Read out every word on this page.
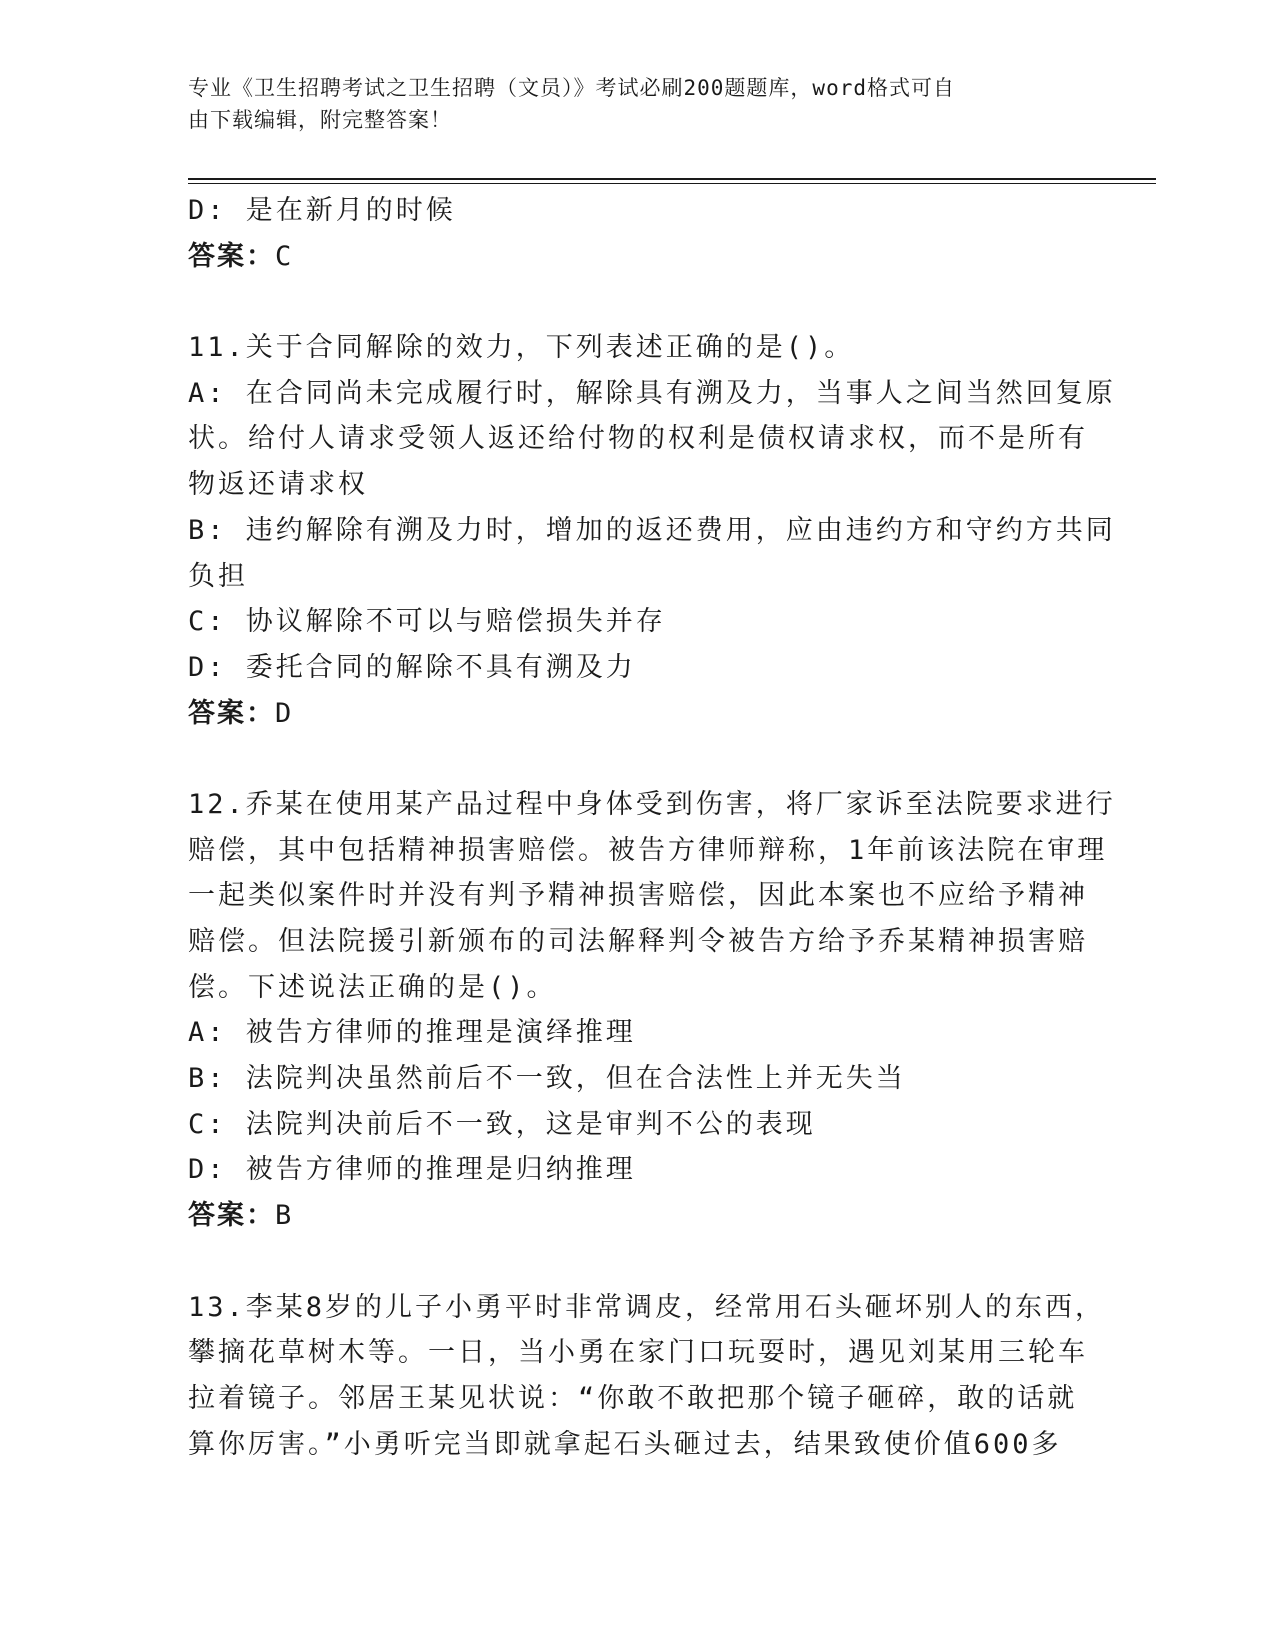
专业《卫生招聘考试之卫生招聘（文员）》考试必刷200题题库，word格式可自
由下载编辑，附完整答案！
D: 是在新月的时候
答案：C
11.关于合同解除的效力，下列表述正确的是()。
A: 在合同尚未完成履行时，解除具有溯及力，当事人之间当然回复原
状。给付人请求受领人返还给付物的权利是债权请求权，而不是所有
物返还请求权
B: 违约解除有溯及力时，增加的返还费用，应由违约方和守约方共同
负担
C: 协议解除不可以与赔偿损失并存
D: 委托合同的解除不具有溯及力
答案：D
12.乔某在使用某产品过程中身体受到伤害，将厂家诉至法院要求进行
赔偿，其中包括精神损害赔偿。被告方律师辩称，1年前该法院在审理
一起类似案件时并没有判予精神损害赔偿，因此本案也不应给予精神
赔偿。但法院援引新颁布的司法解释判令被告方给予乔某精神损害赔
偿。下述说法正确的是()。
A: 被告方律师的推理是演绎推理
B: 法院判决虽然前后不一致，但在合法性上并无失当
C: 法院判决前后不一致，这是审判不公的表现
D: 被告方律师的推理是归纳推理
答案：B
13.李某8岁的儿子小勇平时非常调皮，经常用石头砸坏别人的东西，
攀摘花草树木等。一日，当小勇在家门口玩耍时，遇见刘某用三轮车
拉着镜子。邻居王某见状说：“你敢不敢把那个镜子砸碎，敢的话就
算你厉害。”小勇听完当即就拿起石头砸过去，结果致使价值600多
